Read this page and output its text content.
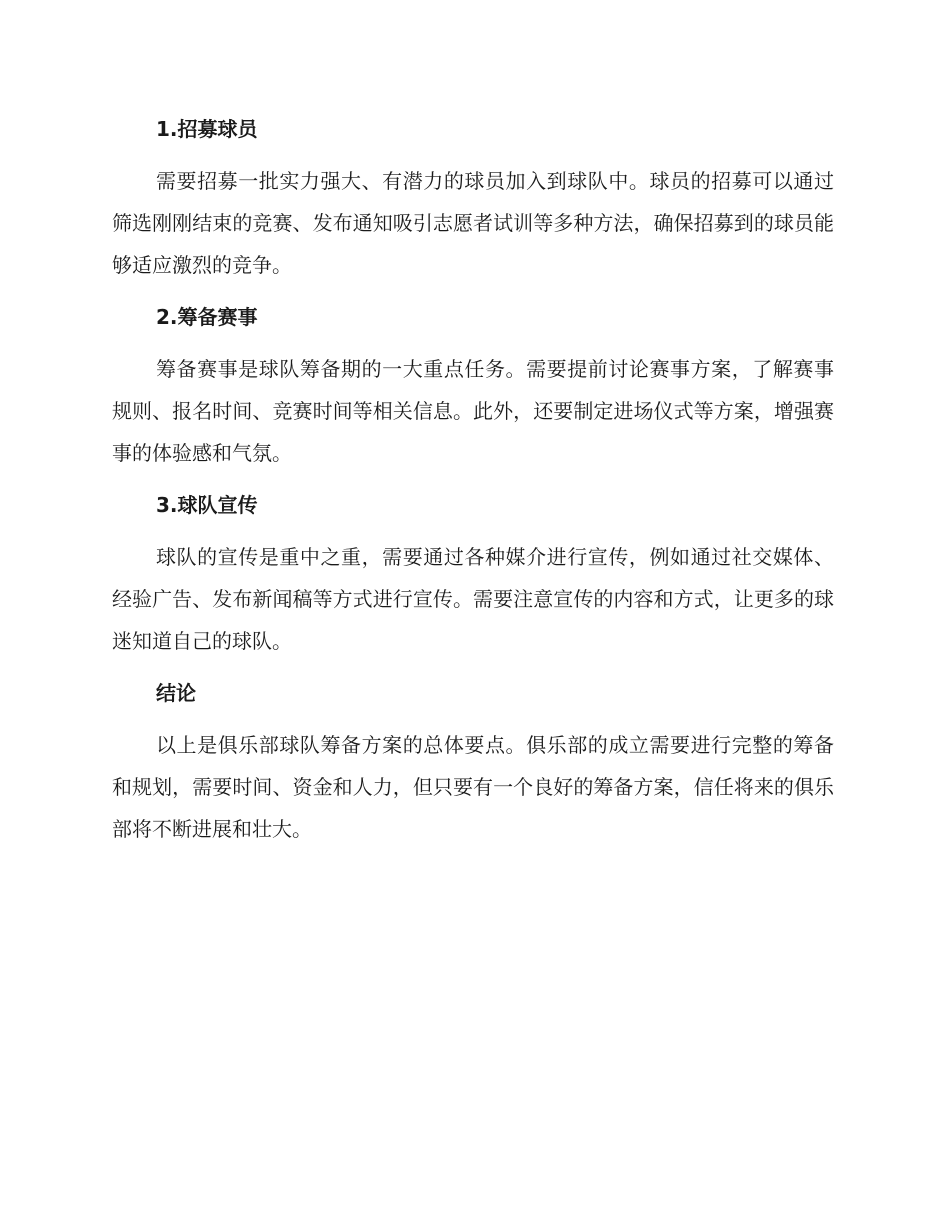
1.招募球员

需要招募一批实力强大、有潜力的球员加入到球队中。球员的招募可以通过筛选刚刚结束的竞赛、发布通知吸引志愿者试训等多种方法，确保招募到的球员能够适应激烈的竞争。

2.筹备赛事

筹备赛事是球队筹备期的一大重点任务。需要提前讨论赛事方案，了解赛事规则、报名时间、竞赛时间等相关信息。此外，还要制定进场仪式等方案，增强赛事的体验感和气氛。

3.球队宣传

球队的宣传是重中之重，需要通过各种媒介进行宣传，例如通过社交媒体、经验广告、发布新闻稿等方式进行宣传。需要注意宣传的内容和方式，让更多的球迷知道自己的球队。

结论

以上是俱乐部球队筹备方案的总体要点。俱乐部的成立需要进行完整的筹备和规划，需要时间、资金和人力，但只要有一个良好的筹备方案，信任将来的俱乐部将不断进展和壮大。
